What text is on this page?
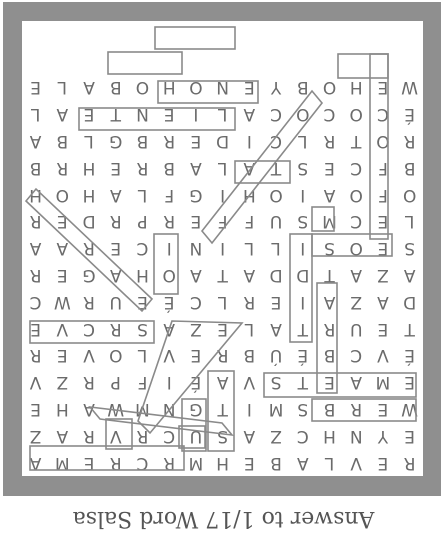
R
E
V
L
A
B
E
H
M
R
C
R
E
M
A
E
Y
N
H
C
Z
A
S
U
C
R
V
R
A
Z
W
E
R
B
S
M
I
T
G
N
M
W
A
H
E
E
M
A
E
T
S
V
A
É
I
F
P
R
Z
V
É
V
C
B
É
Ú
B
R
E
V
L
O
V
E
R
T
E
U
R
T
A
L
E
Z
A
S
R
C
V
E
D
A
Z
A
I
E
R
L
C
É
E
U
R
W
C
A
Z
A
T
D
D
A
T
A
O
H
A
G
E
R
S
E
O
S
I
L
L
I
N
I
C
E
R
A
A
L
E
C
M
S
U
F
F
E
R
P
R
D
E
R
O
F
O
A
I
O
H
I
G
F
L
A
H
O
H
B
F
C
E
S
T
A
L
A
B
R
E
H
R
B
R
O
T
R
L
C
I
D
E
R
B
G
L
B
A
É
C
O
C
O
C
A
L
I
E
N
T
E
A
L
W
E
H
O
B
Y
E
N
O
H
O
B
A
L
E
Answer to 1/17 Word Salsa
